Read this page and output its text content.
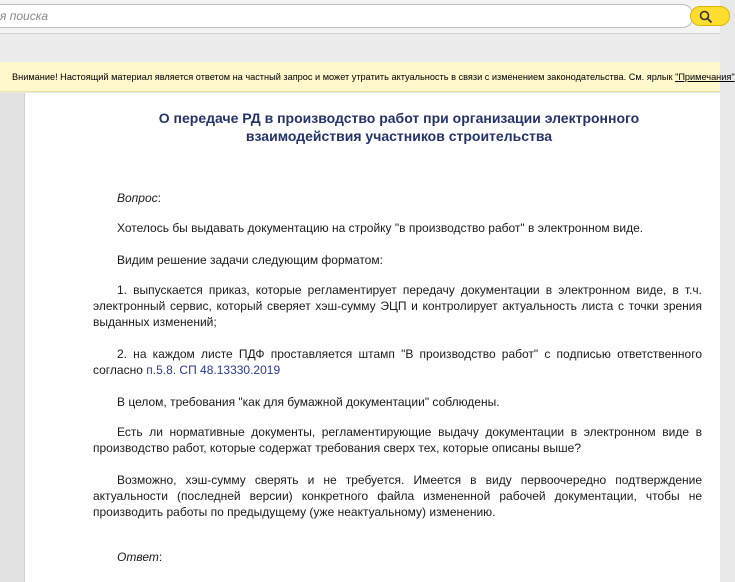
я поиска
Внимание! Настоящий материал является ответом на частный запрос и может утратить актуальность в связи с изменением законодательства. См. ярлык "Примечания"
О передаче РД в производство работ при организации электронного взаимодействия участников строительства
Вопрос:
Хотелось бы выдавать документацию на стройку "в производство работ" в электронном виде.
Видим решение задачи следующим форматом:
1. выпускается приказ, которые регламентирует передачу документации в электронном виде, в т.ч. электронный сервис, который сверяет хэш-сумму ЭЦП и контролирует актуальность листа с точки зрения выданных изменений;
2. на каждом листе ПДФ проставляется штамп "В производство работ" с подписью ответственного согласно п.5.8. СП 48.13330.2019
В целом, требования "как для бумажной документации" соблюдены.
Есть ли нормативные документы, регламентирующие выдачу документации в электронном виде в производство работ, которые содержат требования сверх тех, которые описаны выше?
Возможно, хэш-сумму сверять и не требуется. Имеется в виду первоочередно подтверждение актуальности (последней версии) конкретного файла измененной рабочей документации, чтобы не производить работы по предыдущему (уже неактуальному) изменению.
Ответ:
